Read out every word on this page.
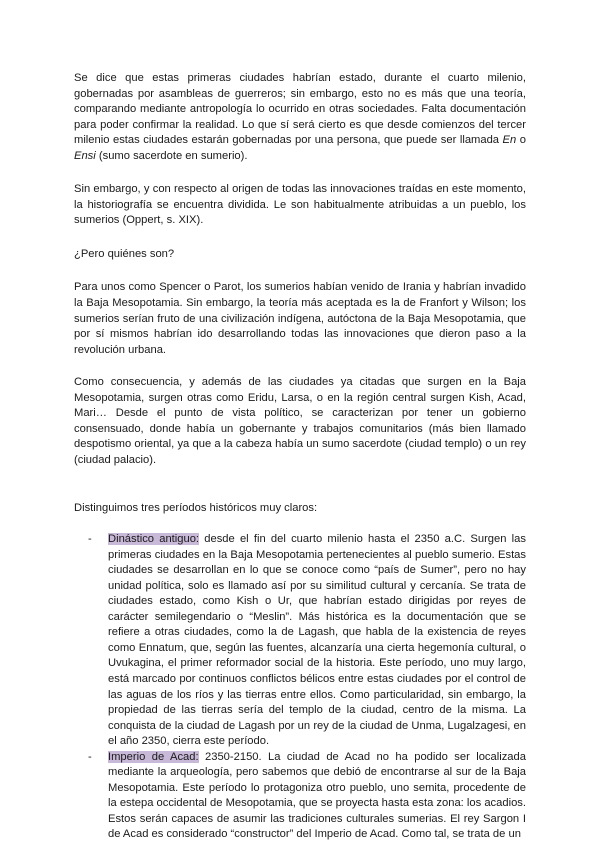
Se dice que estas primeras ciudades habrían estado, durante el cuarto milenio, gobernadas por asambleas de guerreros; sin embargo, esto no es más que una teoría, comparando mediante antropología lo ocurrido en otras sociedades. Falta documentación para poder confirmar la realidad. Lo que sí será cierto es que desde comienzos del tercer milenio estas ciudades estarán gobernadas por una persona, que puede ser llamada En o Ensi (sumo sacerdote en sumerio).

Sin embargo, y con respecto al origen de todas las innovaciones traídas en este momento, la historiografía se encuentra dividida. Le son habitualmente atribuidas a un pueblo, los sumerios (Oppert, s. XIX).

¿Pero quiénes son?

Para unos como Spencer o Parot, los sumerios habían venido de Irania y habrían invadido la Baja Mesopotamia. Sin embargo, la teoría más aceptada es la de Franfort y Wilson; los sumerios serían fruto de una civilización indígena, autóctona de la Baja Mesopotamia, que por sí mismos habrían ido desarrollando todas las innovaciones que dieron paso a la revolución urbana.

Como consecuencia, y además de las ciudades ya citadas que surgen en la Baja Mesopotamia, surgen otras como Eridu, Larsa, o en la región central surgen Kish, Acad, Mari… Desde el punto de vista político, se caracterizan por tener un gobierno consensuado, donde había un gobernante y trabajos comunitarios (más bien llamado despotismo oriental, ya que a la cabeza había un sumo sacerdote (ciudad templo) o un rey (ciudad palacio).

Distinguimos tres períodos históricos muy claros:

- Dinástico antiguo: desde el fin del cuarto milenio hasta el 2350 a.C. Surgen las primeras ciudades en la Baja Mesopotamia pertenecientes al pueblo sumerio. Estas ciudades se desarrollan en lo que se conoce como “país de Sumer”, pero no hay unidad política, solo es llamado así por su similitud cultural y cercanía. Se trata de ciudades estado, como Kish o Ur, que habrían estado dirigidas por reyes de carácter semilegendario o “Meslin”. Más histórica es la documentación que se refiere a otras ciudades, como la de Lagash, que habla de la existencia de reyes como Ennatum, que, según las fuentes, alcanzaría una cierta hegemonía cultural, o Uvukagina, el primer reformador social de la historia. Este período, uno muy largo, está marcado por continuos conflictos bélicos entre estas ciudades por el control de las aguas de los ríos y las tierras entre ellos. Como particularidad, sin embargo, la propiedad de las tierras sería del templo de la ciudad, centro de la misma. La conquista de la ciudad de Lagash por un rey de la ciudad de Unma, Lugalzagesi, en el año 2350, cierra este período.

- Imperio de Acad: 2350-2150. La ciudad de Acad no ha podido ser localizada mediante la arqueología, pero sabemos que debió de encontrarse al sur de la Baja Mesopotamia. Este período lo protagoniza otro pueblo, uno semita, procedente de la estepa occidental de Mesopotamia, que se proyecta hasta esta zona: los acadios. Estos serán capaces de asumir las tradiciones culturales sumerias. El rey Sargon I de Acad es considerado “constructor” del Imperio de Acad. Como tal, se trata de un
